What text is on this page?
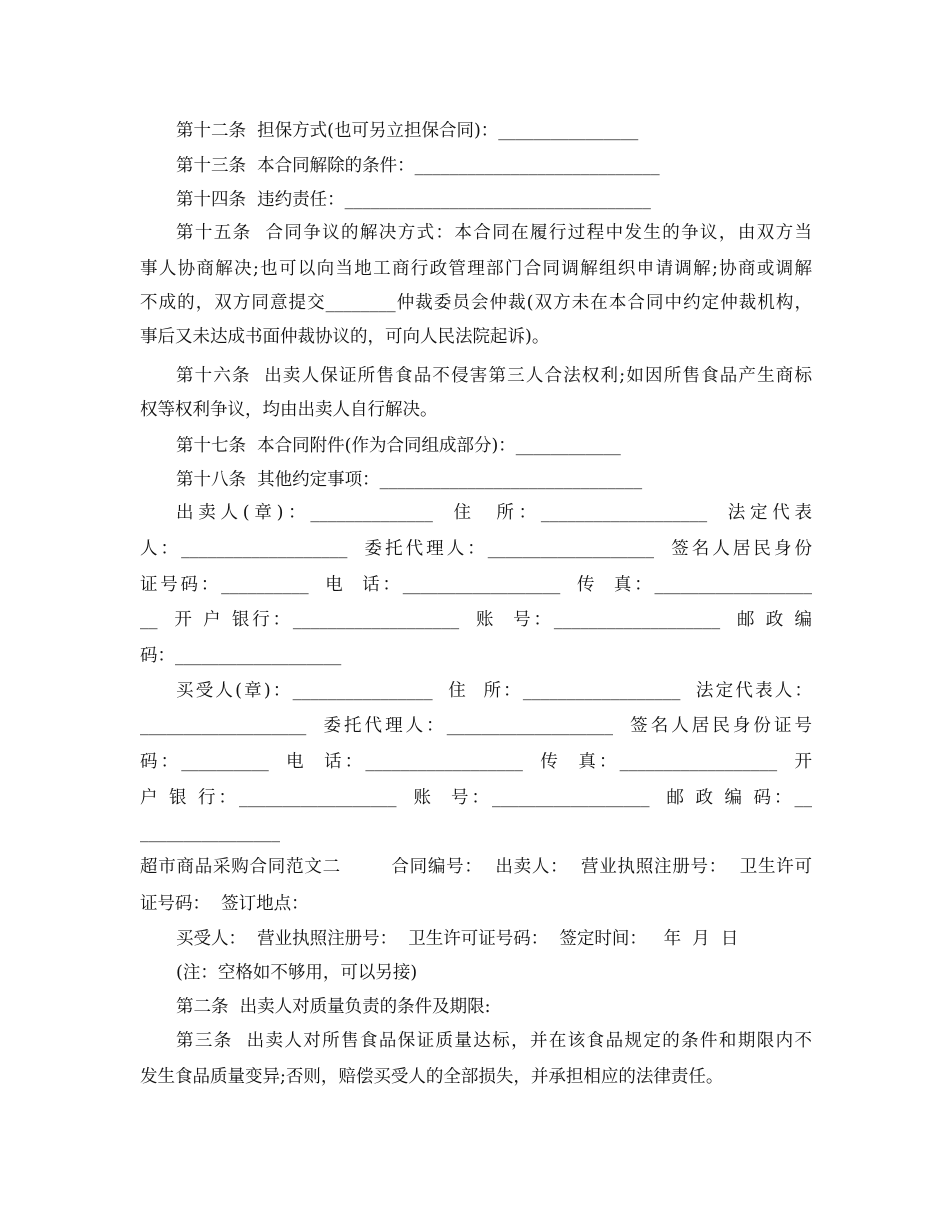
第十二条  担保方式(也可另立担保合同)：________________
第十三条  本合同解除的条件：____________________________
第十四条  违约责任：___________________________________
第十五条  合同争议的解决方式：本合同在履行过程中发生的争议，由双方当
事人协商解决;也可以向当地工商行政管理部门合同调解组织申请调解;协商或调解
不成的，双方同意提交________仲裁委员会仲裁(双方未在本合同中约定仲裁机构，
事后又未达成书面仲裁协议的，可向人民法院起诉)。
第十六条  出卖人保证所售食品不侵害第三人合法权利;如因所售食品产生商标
权等权利争议，均由出卖人自行解决。
第十七条  本合同附件(作为合同组成部分)：____________
第十八条  其他约定事项：______________________________
出卖人(章)：______________  住  所：___________________  法定代表
人：___________________  委托代理人：___________________  签名人居民身份
证号码：__________  电  话：__________________  传  真：__________________
__  开 户 银行：___________________  账  号：___________________  邮 政 编
码：___________________
买受人(章)：________________  住  所：__________________  法定代表人：
___________________  委托代理人：___________________  签名人居民身份证号
码：__________  电  话：__________________  传  真：__________________  开
户 银 行：__________________  账  号：__________________  邮 政 编 码：__
________________
超市商品采购合同范文二        合同编号：  出卖人：  营业执照注册号：  卫生许可
证号码：  签订地点：
买受人：  营业执照注册号：  卫生许可证号码：  签定时间：   年  月  日
(注：空格如不够用，可以另接)
第二条  出卖人对质量负责的条件及期限:
第三条  出卖人对所售食品保证质量达标，并在该食品规定的条件和期限内不
发生食品质量变异;否则，赔偿买受人的全部损失，并承担相应的法律责任。
